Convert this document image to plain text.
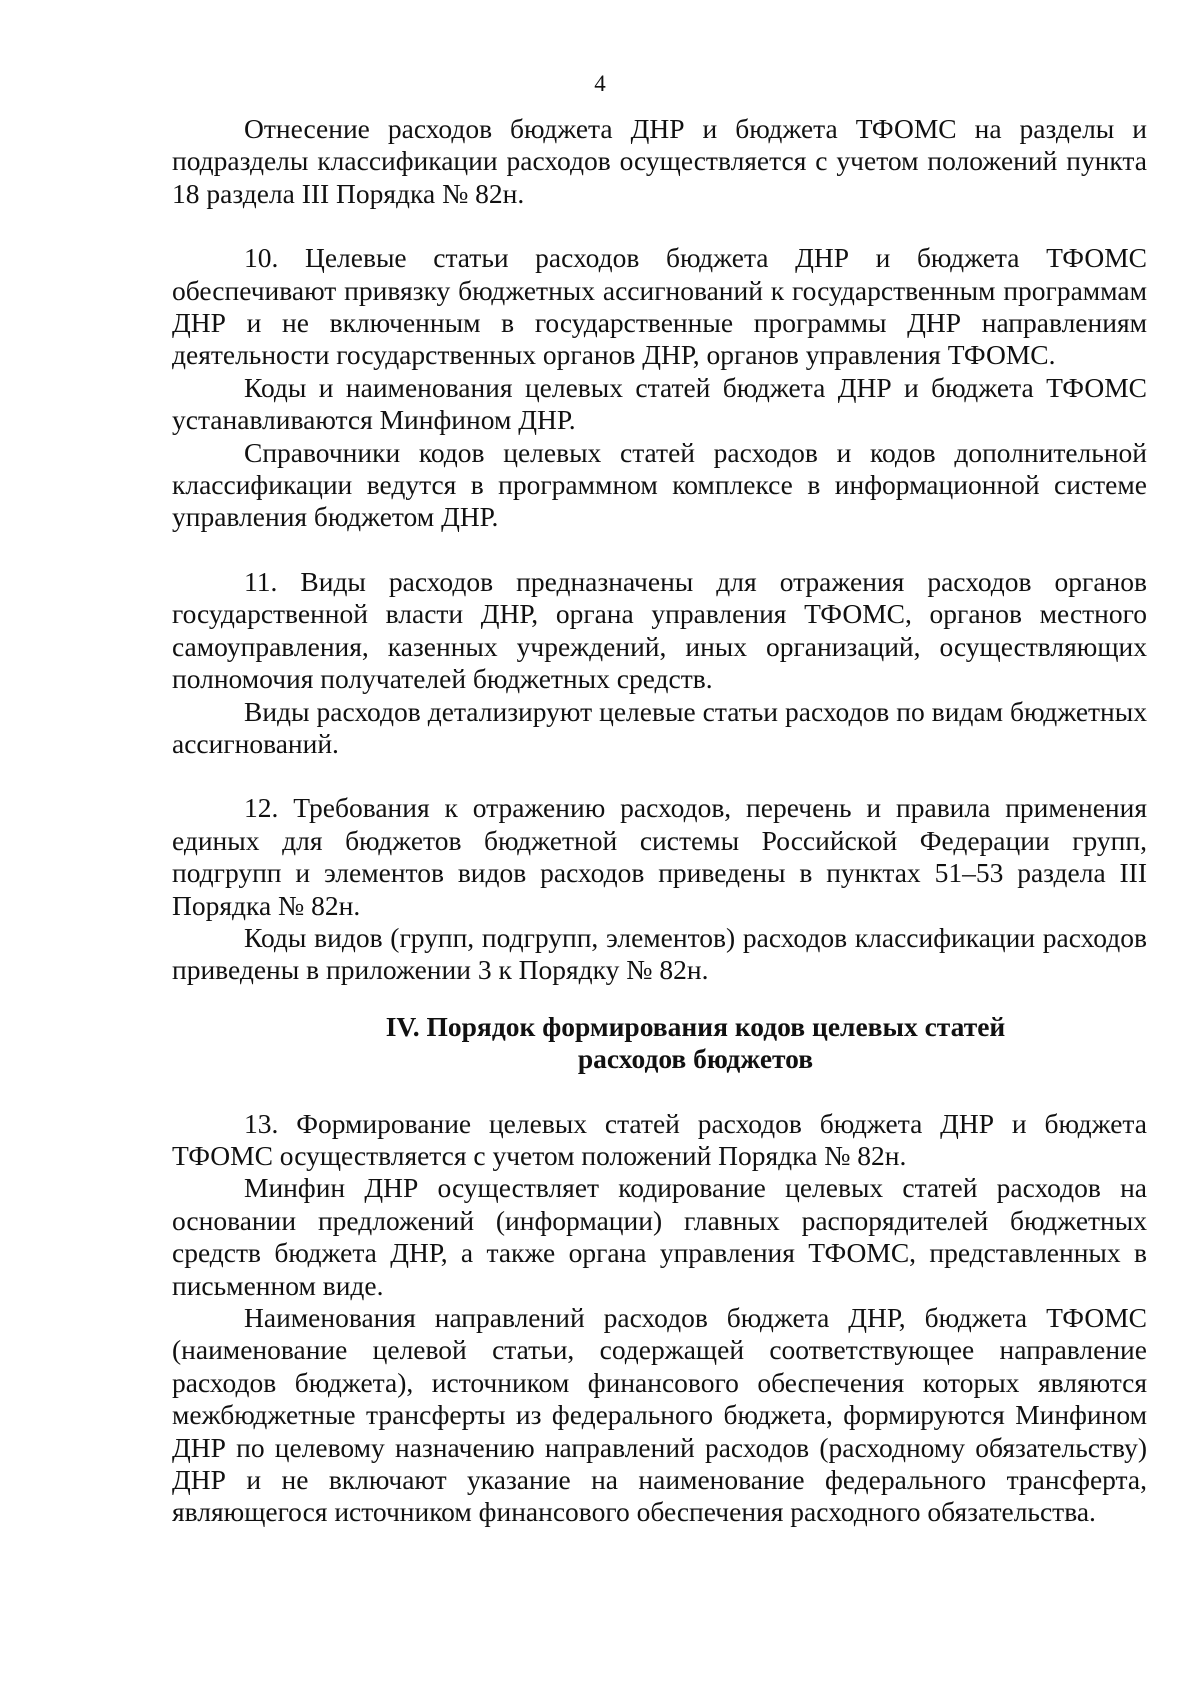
4

Отнесение расходов бюджета ДНР и бюджета ТФОМС на разделы и подразделы классификации расходов осуществляется с учетом положений пункта 18 раздела III Порядка № 82н.

10. Целевые статьи расходов бюджета ДНР и бюджета ТФОМС обеспечивают привязку бюджетных ассигнований к государственным программам ДНР и не включенным в государственные программы ДНР направлениям деятельности государственных органов ДНР, органов управления ТФОМС.

Коды и наименования целевых статей бюджета ДНР и бюджета ТФОМС устанавливаются Минфином ДНР.

Справочники кодов целевых статей расходов и кодов дополнительной классификации ведутся в программном комплексе в информационной системе управления бюджетом ДНР.

11. Виды расходов предназначены для отражения расходов органов государственной власти ДНР, органа управления ТФОМС, органов местного самоуправления, казенных учреждений, иных организаций, осуществляющих полномочия получателей бюджетных средств.

Виды расходов детализируют целевые статьи расходов по видам бюджетных ассигнований.

12. Требования к отражению расходов, перечень и правила применения единых для бюджетов бюджетной системы Российской Федерации групп, подгрупп и элементов видов расходов приведены в пунктах 51–53 раздела III Порядка № 82н.

Коды видов (групп, подгрупп, элементов) расходов классификации расходов приведены в приложении 3 к Порядку № 82н.

IV. Порядок формирования кодов целевых статей
расходов бюджетов

13. Формирование целевых статей расходов бюджета ДНР и бюджета ТФОМС осуществляется с учетом положений Порядка № 82н.

Минфин ДНР осуществляет кодирование целевых статей расходов на основании предложений (информации) главных распорядителей бюджетных средств бюджета ДНР, а также органа управления ТФОМС, представленных в письменном виде.

Наименования направлений расходов бюджета ДНР, бюджета ТФОМС (наименование целевой статьи, содержащей соответствующее направление расходов бюджета), источником финансового обеспечения которых являются межбюджетные трансферты из федерального бюджета, формируются Минфином ДНР по целевому назначению направлений расходов (расходному обязательству) ДНР и не включают указание на наименование федерального трансферта, являющегося источником финансового обеспечения расходного обязательства.
